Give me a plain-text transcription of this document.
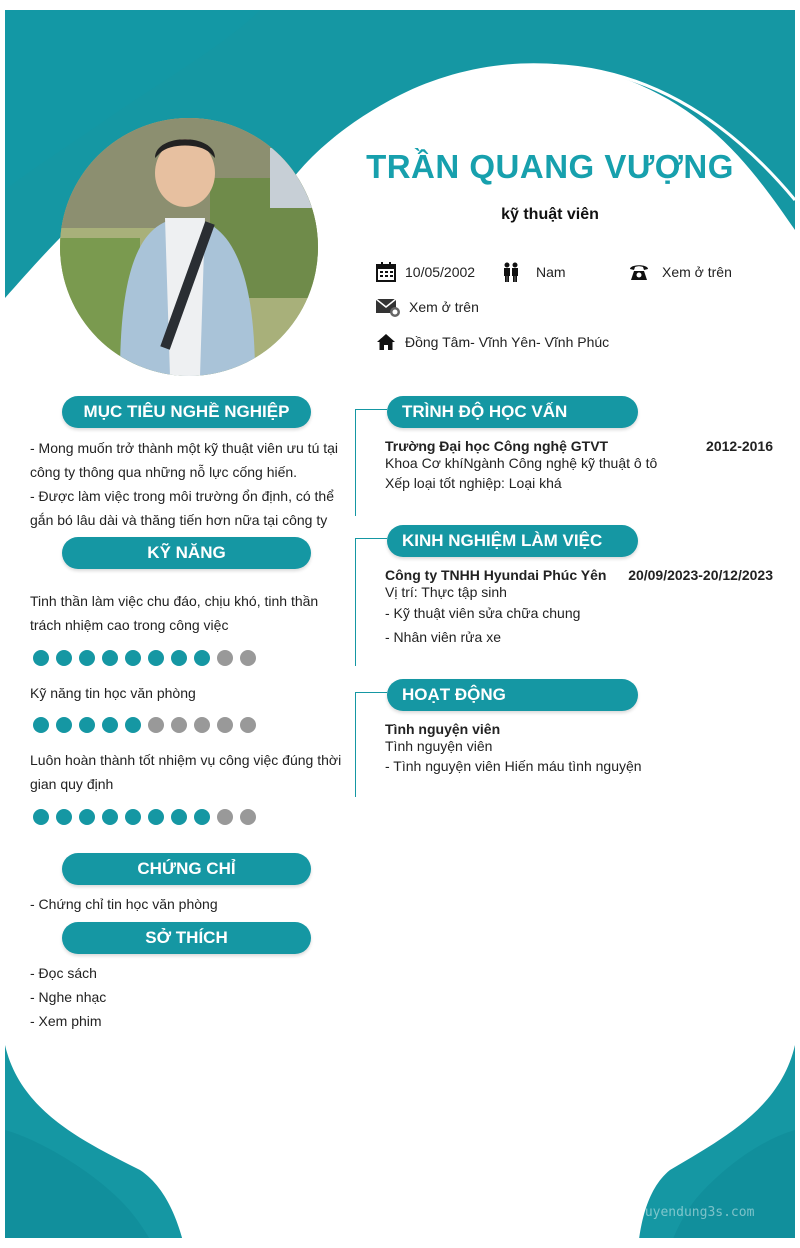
TRẦN QUANG VƯỢNG
kỹ thuật viên
10/05/2002	Nam	Xem ở trên
Xem ở trên
Đồng Tâm- Vĩnh Yên- Vĩnh Phúc
MỤC TIÊU NGHỀ NGHIỆP
- Mong muốn trở thành một kỹ thuật viên ưu tú tại
công ty thông qua những nỗ lực cống hiến.
- Được làm việc trong môi trường ổn định, có thể
gắn bó lâu dài và thăng tiến hơn nữa tại công ty
KỸ NĂNG
Tinh thần làm việc chu đáo, chịu khó, tinh thần
trách nhiệm cao trong công việc
Kỹ năng tin học văn phòng
Luôn hoàn thành tốt nhiệm vụ công việc đúng thời
gian quy định
CHỨNG CHỈ
- Chứng chỉ tin học văn phòng
SỞ THÍCH
- Đọc sách
- Nghe nhạc
- Xem phim
TRÌNH ĐỘ HỌC VẤN
Trường Đại học Công nghệ GTVT	2012-2016
Khoa Cơ khíNgành Công nghệ kỹ thuật ô tô
Xếp loại tốt nghiệp: Loại khá
KINH NGHIỆM LÀM VIỆC
Công ty TNHH Hyundai Phúc Yên	20/09/2023-20/12/2023
Vị trí: Thực tập sinh
- Kỹ thuật viên sửa chữa chung
- Nhân viên rửa xe
HOẠT ĐỘNG
Tình nguyện viên
Tình nguyện viên
- Tình nguyện viên Hiến máu tình nguyện
tuyendung3s.com
